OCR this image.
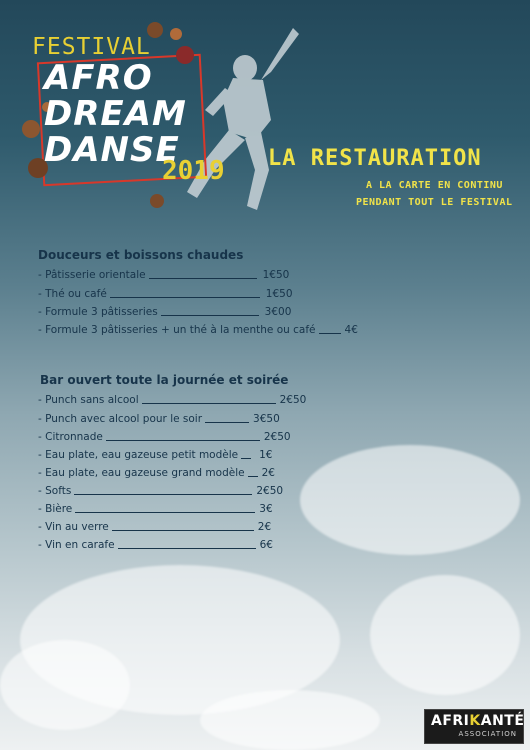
FESTIVAL
AFRO
DREAM
DANSE
2019 LA RESTAURATION
A LA CARTE EN CONTINU
PENDANT TOUT LE FESTIVAL
Douceurs et boissons chaudes
- Pâtisserie orientale	1€50
- Thé ou café	1€50
- Formule 3 pâtisseries	3€00
- Formule 3 pâtisseries + un thé à la menthe ou café	4€
Bar ouvert toute la journée et soirée
- Punch sans alcool	2€50
- Punch avec alcool pour le soir	3€50
- Citronnade	2€50
- Eau plate, eau gazeuse petit modèle 1€
- Eau plate, eau gazeuse grand modèle 2€
- Softs	2€50
- Bière	3€
- Vin au verre	2€
- Vin en carafe	6€
AFRIKANTÉ
ASSOCIATION
